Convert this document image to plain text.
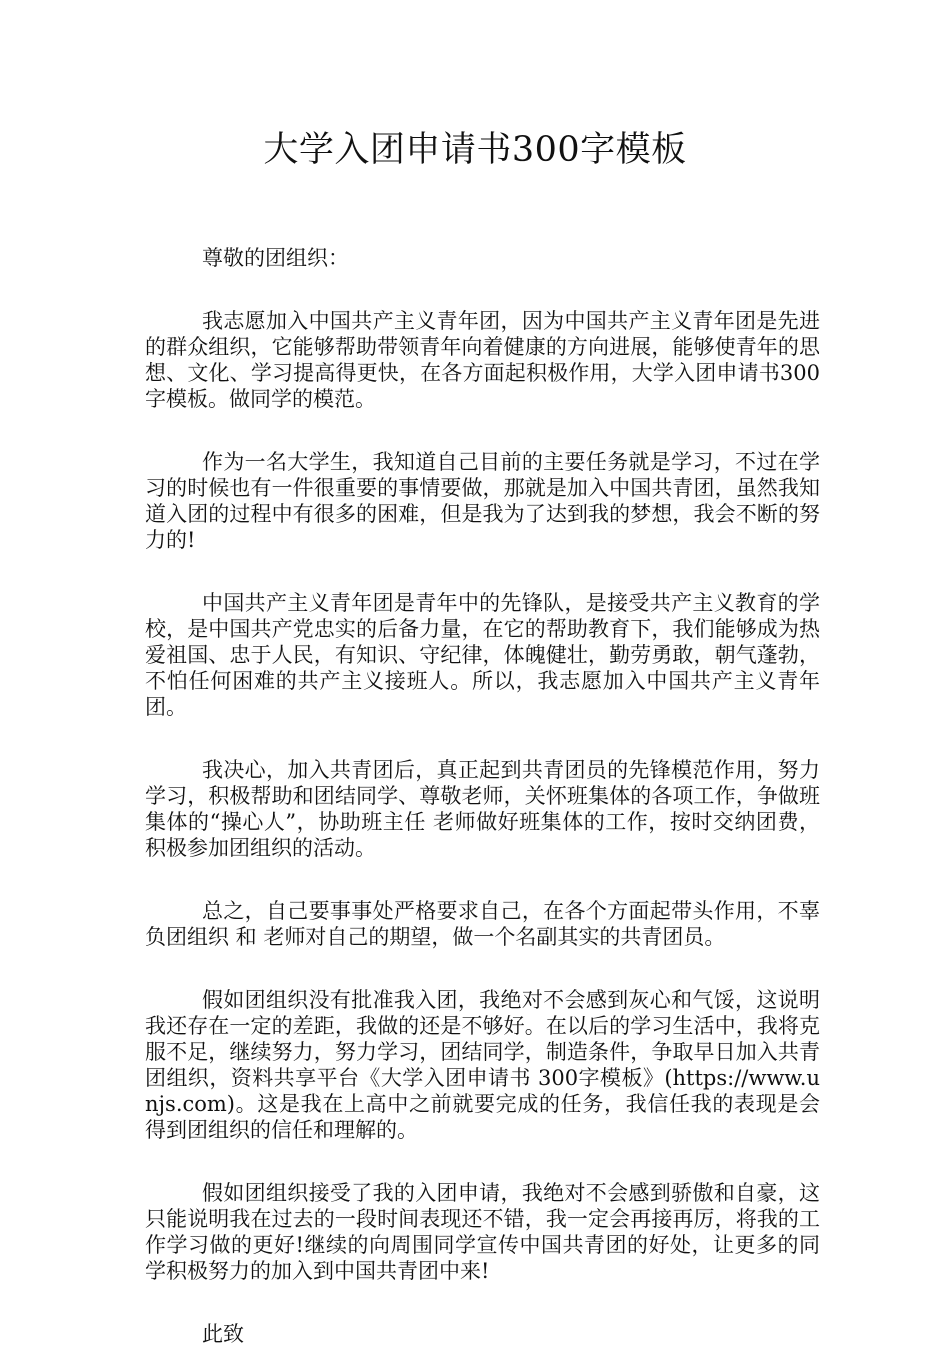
大学入团申请书300字模板

尊敬的团组织：

我志愿加入中国共产主义青年团，因为中国共产主义青年团是先进的群众组织，它能够帮助带领青年向着健康的方向进展，能够使青年的思想、文化、学习提高得更快，在各方面起积极作用，大学入团申请书300字模板。做同学的模范。

作为一名大学生，我知道自己目前的主要任务就是学习，不过在学习的时候也有一件很重要的事情要做，那就是加入中国共青团，虽然我知道入团的过程中有很多的困难，但是我为了达到我的梦想，我会不断的努力的!

中国共产主义青年团是青年中的先锋队，是接受共产主义教育的学校，是中国共产党忠实的后备力量，在它的帮助教育下，我们能够成为热爱祖国、忠于人民，有知识、守纪律，体魄健壮，勤劳勇敢，朝气蓬勃，不怕任何困难的共产主义接班人。所以，我志愿加入中国共产主义青年团。

我决心，加入共青团后，真正起到共青团员的先锋模范作用，努力学习，积极帮助和团结同学、尊敬老师，关怀班集体的各项工作，争做班集体的“操心人”，协助班主任 老师做好班集体的工作，按时交纳团费，积极参加团组织的活动。

总之，自己要事事处严格要求自己，在各个方面起带头作用，不辜负团组织 和 老师对自己的期望，做一个名副其实的共青团员。

假如团组织没有批准我入团，我绝对不会感到灰心和气馁，这说明我还存在一定的差距，我做的还是不够好。在以后的学习生活中，我将克服不足，继续努力，努力学习，团结同学，制造条件，争取早日加入共青团组织，资料共享平台《大学入团申请书 300字模板》(https://www.unjs.com)。这是我在上高中之前就要完成的任务，我信任我的表现是会得到团组织的信任和理解的。

假如团组织接受了我的入团申请，我绝对不会感到骄傲和自豪，这只能说明我在过去的一段时间表现还不错，我一定会再接再厉，将我的工作学习做的更好!继续的向周围同学宣传中国共青团的好处，让更多的同学积极努力的加入到中国共青团中来!

此致
